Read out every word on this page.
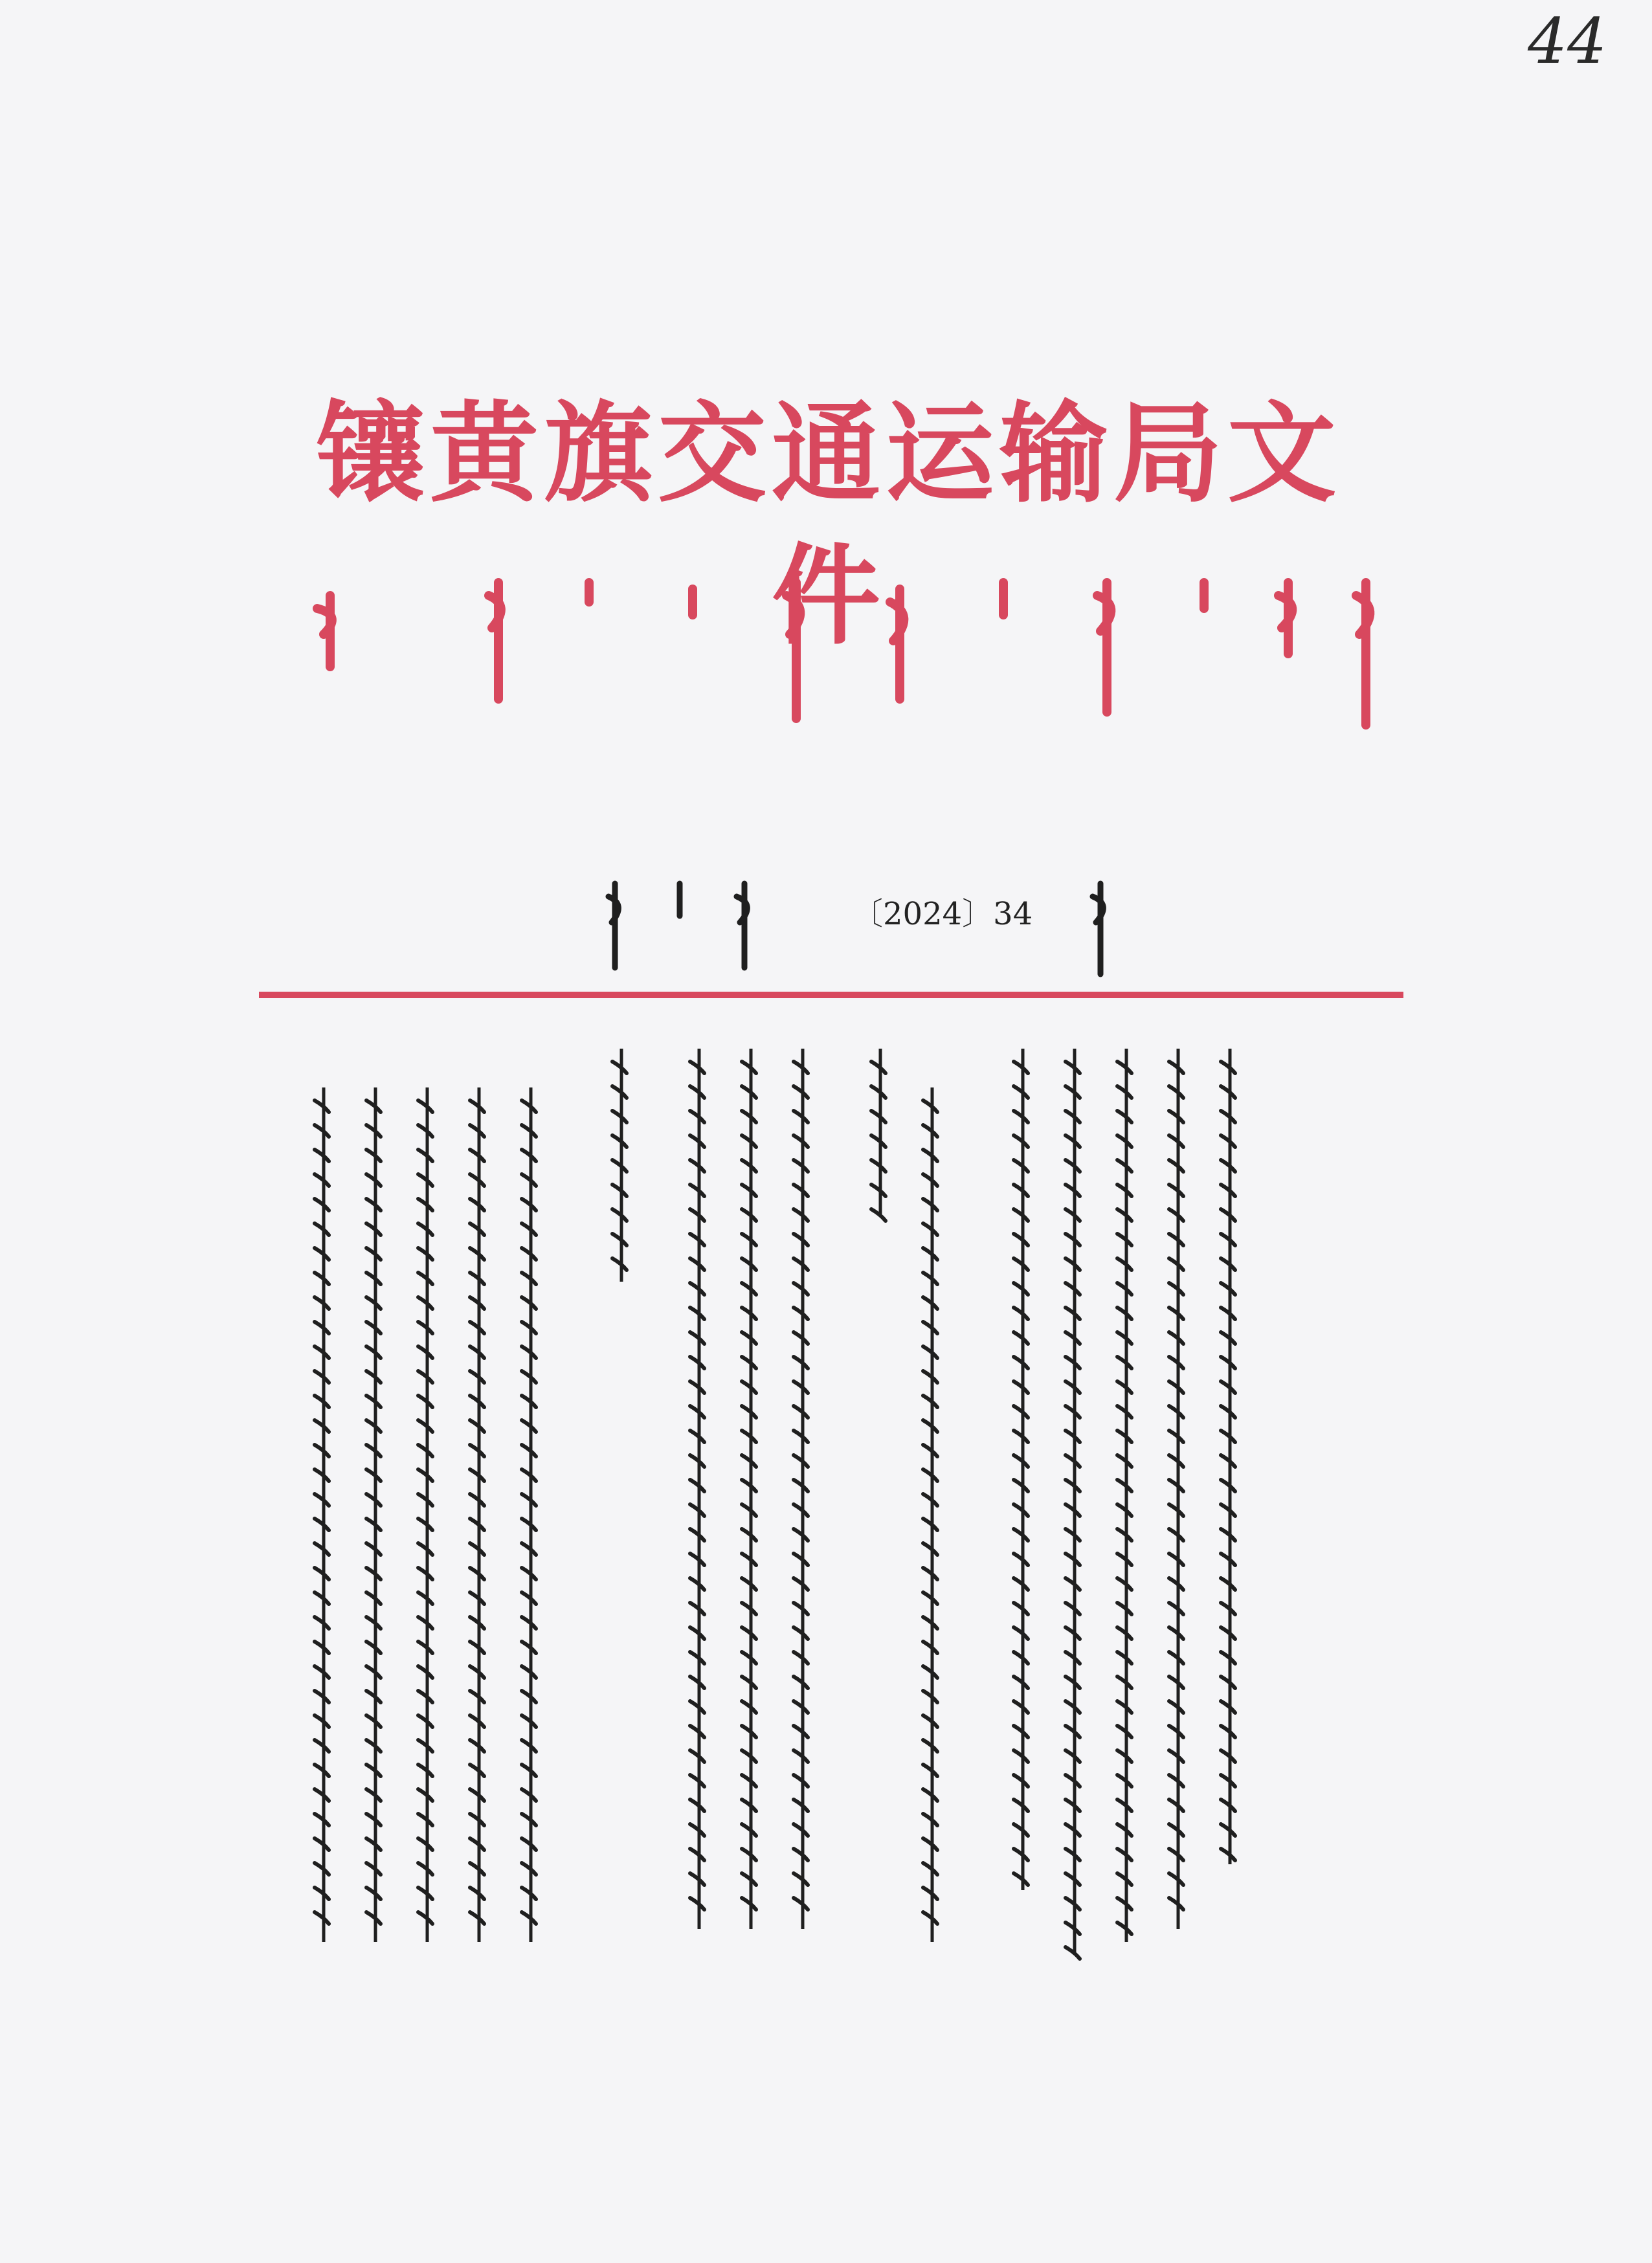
44
镶黄旗交通运输局文件
〔2024〕34
